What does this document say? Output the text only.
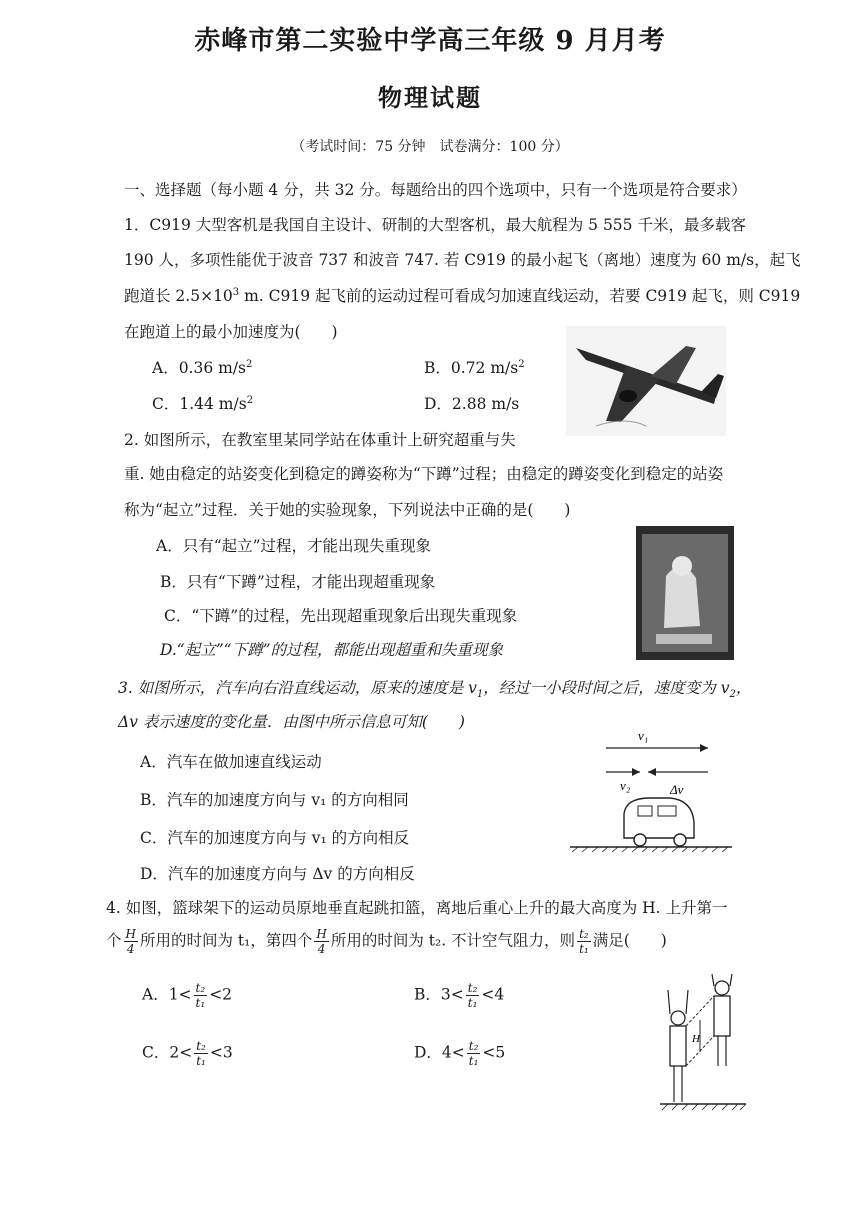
赤峰市第二实验中学高三年级 9 月月考
物理试题
（考试时间：75 分钟　试卷满分：100 分）
一、选择题（每小题 4 分，共 32 分。每题给出的四个选项中，只有一个选项是符合要求）
1．C919 大型客机是我国自主设计、研制的大型客机，最大航程为 5 555 千米，最多载客
190 人，多项性能优于波音 737 和波音 747. 若 C919 的最小起飞（离地）速度为 60 m/s，起飞
跑道长 $2.5\times 10^3$ m. C919 起飞前的运动过程可看成匀加速直线运动，若要 C919 起飞，则 C919
在跑道上的最小加速度为(　　)
A．0.36 $m/s^2$	B．0.72 $m/s^2$
C．1.44 $m/s^2$	D．2.88 m/s
2. 如图所示，在教室里某同学站在体重计上研究超重与失
重. 她由稳定的站姿变化到稳定的蹲姿称为“下蹲”过程；由稳定的蹲姿变化到稳定的站姿
称为“起立”过程．关于她的实验现象，下列说法中正确的是(　　)
A．只有“起立”过程，才能出现失重现象
B．只有“下蹲”过程，才能出现超重现象
C．“下蹲”的过程，先出现超重现象后出现失重现象
D.“起立”“下蹲”的过程，都能出现超重和失重现象
3. 如图所示，汽车向右沿直线运动，原来的速度是 $v_1$，经过一小段时间之后，速度变为 $v_2$，
Δv 表示速度的变化量．由图中所示信息可知(　　)
A．汽车在做加速直线运动
B．汽车的加速度方向与 v₁ 的方向相同
C．汽车的加速度方向与 v₁ 的方向相反
D．汽车的加速度方向与 Δv 的方向相反
v₁
v₂	Δv
4. 如图，篮球架下的运动员原地垂直起跳扣篮，离地后重心上升的最大高度为 H. 上升第一
个 $\frac{H}{4}$ 所用的时间为 t₁，第四个 $\frac{H}{4}$ 所用的时间为 t₂. 不计空气阻力，则 $\frac{\text{t₂}}{\text{t₁}}$ 满足(　　)
A．$1< \frac{\text{t₂}}{\text{t₁}} <2$	B．$3< \frac{\text{t₂}}{\text{t₁}} <4$
C．$2< \frac{\text{t₂}}{\text{t₁}} <3$	D．$4< \frac{\text{t₂}}{\text{t₁}} <5$
H
